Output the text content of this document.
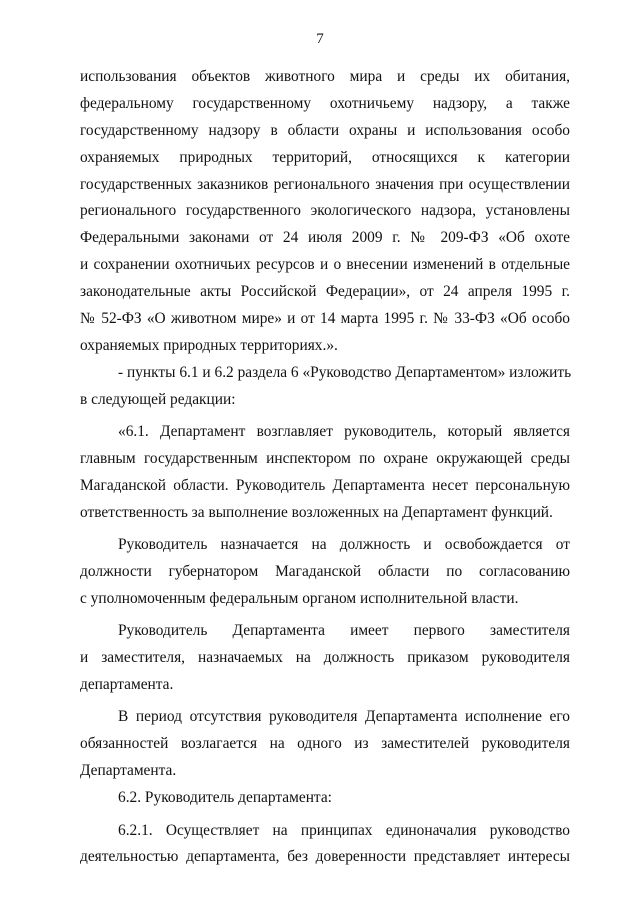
7
использования объектов животного мира и среды их обитания,
федеральному государственному охотничьему надзору, а также
государственному надзору в области охраны и использования особо
охраняемых природных территорий, относящихся к категории
государственных заказников регионального значения при осуществлении
регионального государственного экологического надзора, установлены
Федеральными законами от 24 июля 2009 г. № 209-ФЗ «Об охоте
и сохранении охотничьих ресурсов и о внесении изменений в отдельные
законодательные акты Российской Федерации», от 24 апреля 1995 г.
№ 52-ФЗ «О животном мире» и от 14 марта 1995 г. № 33-ФЗ «Об особо
охраняемых природных территориях.».
- пункты 6.1 и 6.2 раздела 6 «Руководство Департаментом» изложить
в следующей редакции:
«6.1. Департамент возглавляет руководитель, который является
главным государственным инспектором по охране окружающей среды
Магаданской области. Руководитель Департамента несет персональную
ответственность за выполнение возложенных на Департамент функций.
Руководитель назначается на должность и освобождается от
должности губернатором Магаданской области по согласованию
с уполномоченным федеральным органом исполнительной власти.
Руководитель Департамента имеет первого заместителя
и заместителя, назначаемых на должность приказом руководителя
департамента.
В период отсутствия руководителя Департамента исполнение его
обязанностей возлагается на одного из заместителей руководителя
Департамента.
6.2. Руководитель департамента:
6.2.1. Осуществляет на принципах единоначалия руководство
деятельностью департамента, без доверенности представляет интересы
